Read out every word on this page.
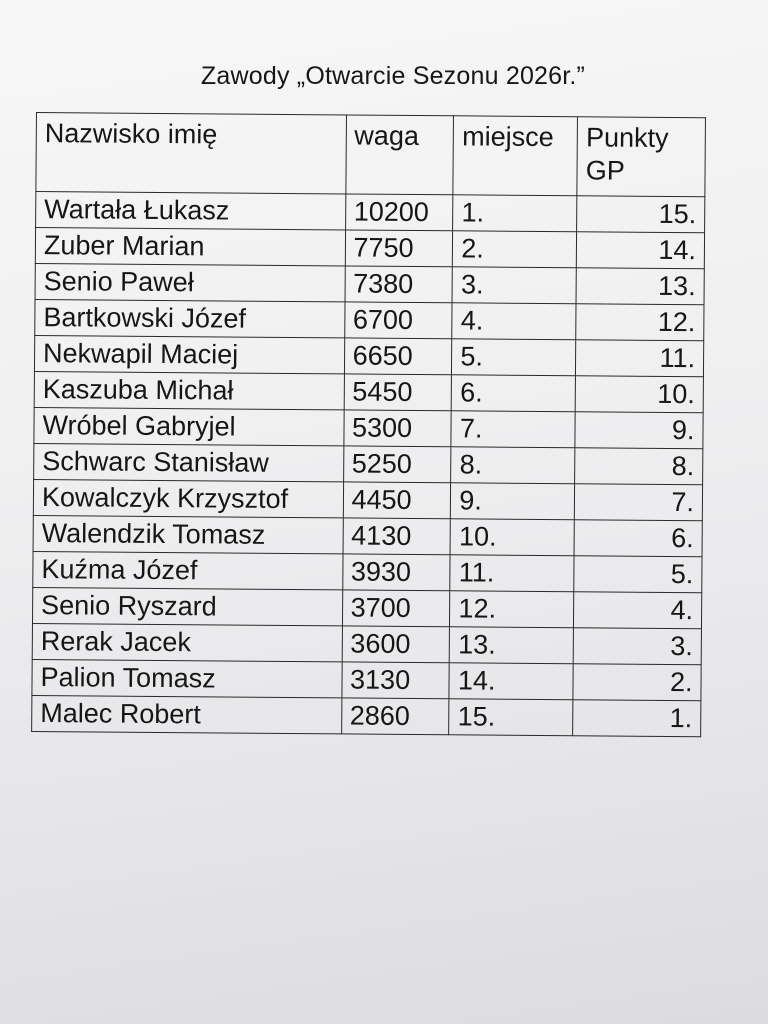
Zawody „Otwarcie Sezonu 2026r.”
Nazwisko imię	waga	miejsce	Punkty GP
Wartała Łukasz	10200	1.	15.
Zuber Marian	7750	2.	14.
Senio Paweł	7380	3.	13.
Bartkowski Józef	6700	4.	12.
Nekwapil Maciej	6650	5.	11.
Kaszuba Michał	5450	6.	10.
Wróbel Gabryjel	5300	7.	9.
Schwarc Stanisław	5250	8.	8.
Kowalczyk Krzysztof	4450	9.	7.
Walendzik Tomasz	4130	10.	6.
Kuźma Józef	3930	11.	5.
Senio Ryszard	3700	12.	4.
Rerak Jacek	3600	13.	3.
Palion Tomasz	3130	14.	2.
Malec Robert	2860	15.	1.
